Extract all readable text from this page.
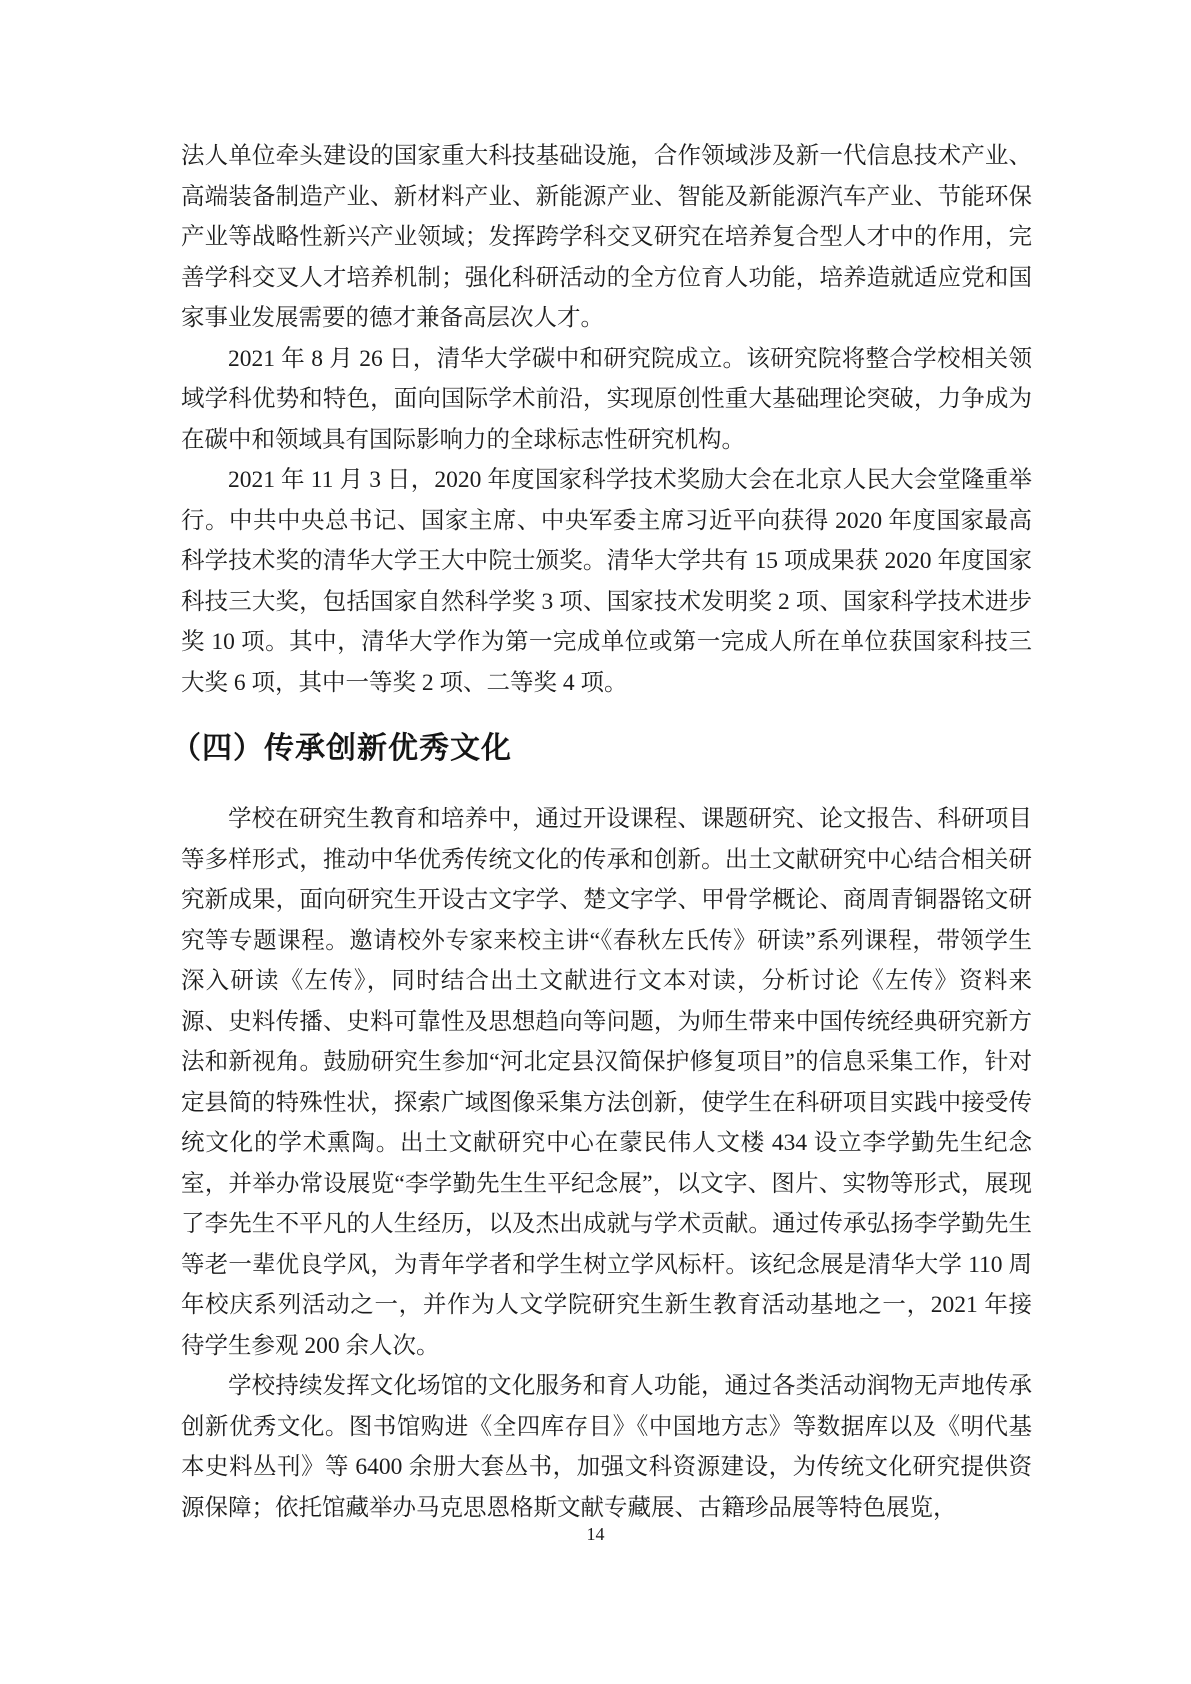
法人单位牵头建设的国家重大科技基础设施，合作领域涉及新一代信息技术产业、高端装备制造产业、新材料产业、新能源产业、智能及新能源汽车产业、节能环保产业等战略性新兴产业领域；发挥跨学科交叉研究在培养复合型人才中的作用，完善学科交叉人才培养机制；强化科研活动的全方位育人功能，培养造就适应党和国家事业发展需要的德才兼备高层次人才。

2021 年 8 月 26 日，清华大学碳中和研究院成立。该研究院将整合学校相关领域学科优势和特色，面向国际学术前沿，实现原创性重大基础理论突破，力争成为在碳中和领域具有国际影响力的全球标志性研究机构。

2021 年 11 月 3 日，2020 年度国家科学技术奖励大会在北京人民大会堂隆重举行。中共中央总书记、国家主席、中央军委主席习近平向获得 2020 年度国家最高科学技术奖的清华大学王大中院士颁奖。清华大学共有 15 项成果获 2020 年度国家科技三大奖，包括国家自然科学奖 3 项、国家技术发明奖 2 项、国家科学技术进步奖 10 项。其中，清华大学作为第一完成单位或第一完成人所在单位获国家科技三大奖 6 项，其中一等奖 2 项、二等奖 4 项。

（四）传承创新优秀文化

学校在研究生教育和培养中，通过开设课程、课题研究、论文报告、科研项目等多样形式，推动中华优秀传统文化的传承和创新。出土文献研究中心结合相关研究新成果，面向研究生开设古文字学、楚文字学、甲骨学概论、商周青铜器铭文研究等专题课程。邀请校外专家来校主讲“《春秋左氏传》研读”系列课程，带领学生深入研读《左传》，同时结合出土文献进行文本对读，分析讨论《左传》资料来源、史料传播、史料可靠性及思想趋向等问题，为师生带来中国传统经典研究新方法和新视角。鼓励研究生参加“河北定县汉简保护修复项目”的信息采集工作，针对定县简的特殊性状，探索广域图像采集方法创新，使学生在科研项目实践中接受传统文化的学术熏陶。出土文献研究中心在蒙民伟人文楼 434 设立李学勤先生纪念室，并举办常设展览“李学勤先生生平纪念展”，以文字、图片、实物等形式，展现了李先生不平凡的人生经历，以及杰出成就与学术贡献。通过传承弘扬李学勤先生等老一辈优良学风，为青年学者和学生树立学风标杆。该纪念展是清华大学 110 周年校庆系列活动之一，并作为人文学院研究生新生教育活动基地之一，2021 年接待学生参观 200 余人次。

学校持续发挥文化场馆的文化服务和育人功能，通过各类活动润物无声地传承创新优秀文化。图书馆购进《全四库存目》《中国地方志》等数据库以及《明代基本史料丛刊》等 6400 余册大套丛书，加强文科资源建设，为传统文化研究提供资源保障；依托馆藏举办马克思恩格斯文献专藏展、古籍珍品展等特色展览，

14
